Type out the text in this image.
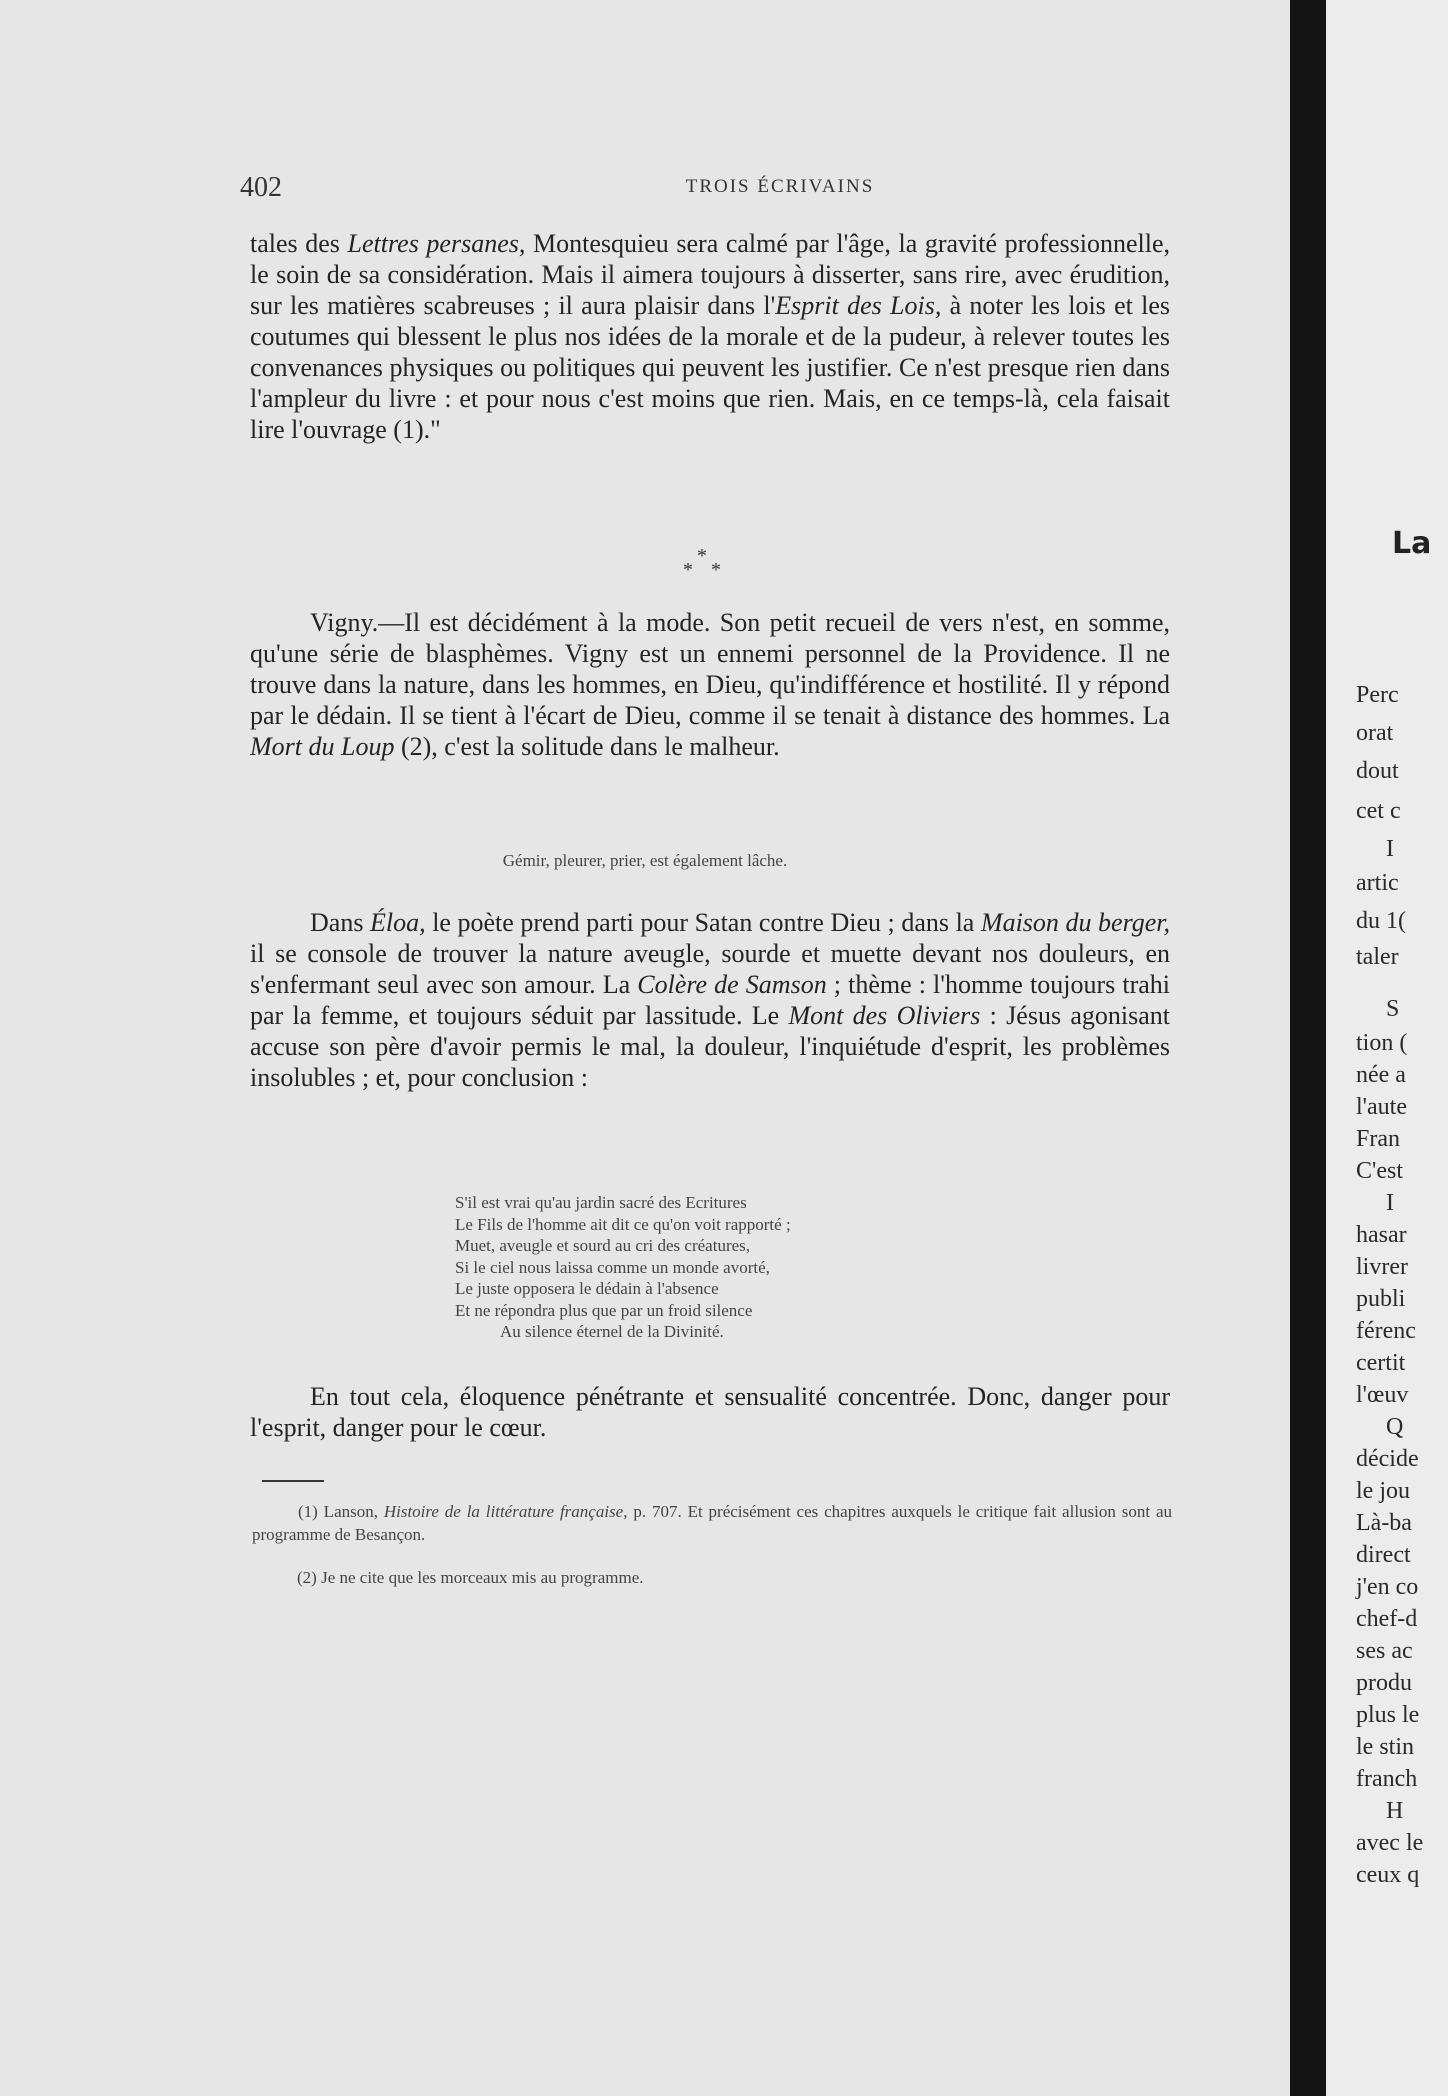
402	TROIS ÉCRIVAINS

tales des Lettres persanes, Montesquieu sera calmé par l'âge, la gravité professionnelle, le soin de sa considération. Mais il aimera toujours à disserter, sans rire, avec érudition, sur les matières scabreuses ; il aura plaisir dans l'Esprit des Lois, à noter les lois et les coutumes qui blessent le plus nos idées de la morale et de la pudeur, à relever toutes les convenances physiques ou politiques qui peuvent les justifier. Ce n'est presque rien dans l'ampleur du livre : et pour nous c'est moins que rien. Mais, en ce temps-là, cela faisait lire l'ouvrage (1)."

*
* *

Vigny.—Il est décidément à la mode. Son petit recueil de vers n'est, en somme, qu'une série de blasphèmes. Vigny est un ennemi personnel de la Providence. Il ne trouve dans la nature, dans les hommes, en Dieu, qu'indifférence et hostilité. Il y répond par le dédain. Il se tient à l'écart de Dieu, comme il se tenait à distance des hommes. La Mort du Loup (2), c'est la solitude dans le malheur.

Gémir, pleurer, prier, est également lâche.

Dans Éloa, le poète prend parti pour Satan contre Dieu ; dans la Maison du berger, il se console de trouver la nature aveugle, sourde et muette devant nos douleurs, en s'enfermant seul avec son amour. La Colère de Samson ; thème : l'homme toujours trahi par la femme, et toujours séduit par lassitude. Le Mont des Oliviers : Jésus agonisant accuse son père d'avoir permis le mal, la douleur, l'inquiétude d'esprit, les problèmes insolubles ; et, pour conclusion :

S'il est vrai qu'au jardin sacré des Ecritures
Le Fils de l'homme ait dit ce qu'on voit rapporté ;
Muet, aveugle et sourd au cri des créatures,
Si le ciel nous laissa comme un monde avorté,
Le juste opposera le dédain à l'absence
Et ne répondra plus que par un froid silence
Au silence éternel de la Divinité.

En tout cela, éloquence pénétrante et sensualité concentrée. Donc, danger pour l'esprit, danger pour le cœur.

(1) Lanson, Histoire de la littérature française, p. 707. Et précisément ces chapitres auxquels le critique fait allusion sont au programme de Besançon.

(2) Je ne cite que les morceaux mis au programme.

La
Perc
orat
dout
cet c
I
artic
du 1(
taler
S
tion (
née a
l'aute
Fran
C'est
I
hasar
livrer
publi
férenc
certit
l'œuv
Q
décide
le jou
Là-ba
direct
j'en co
chef-d
ses ac
produ
plus le
le stin
franch
H
avec le
ceux q
